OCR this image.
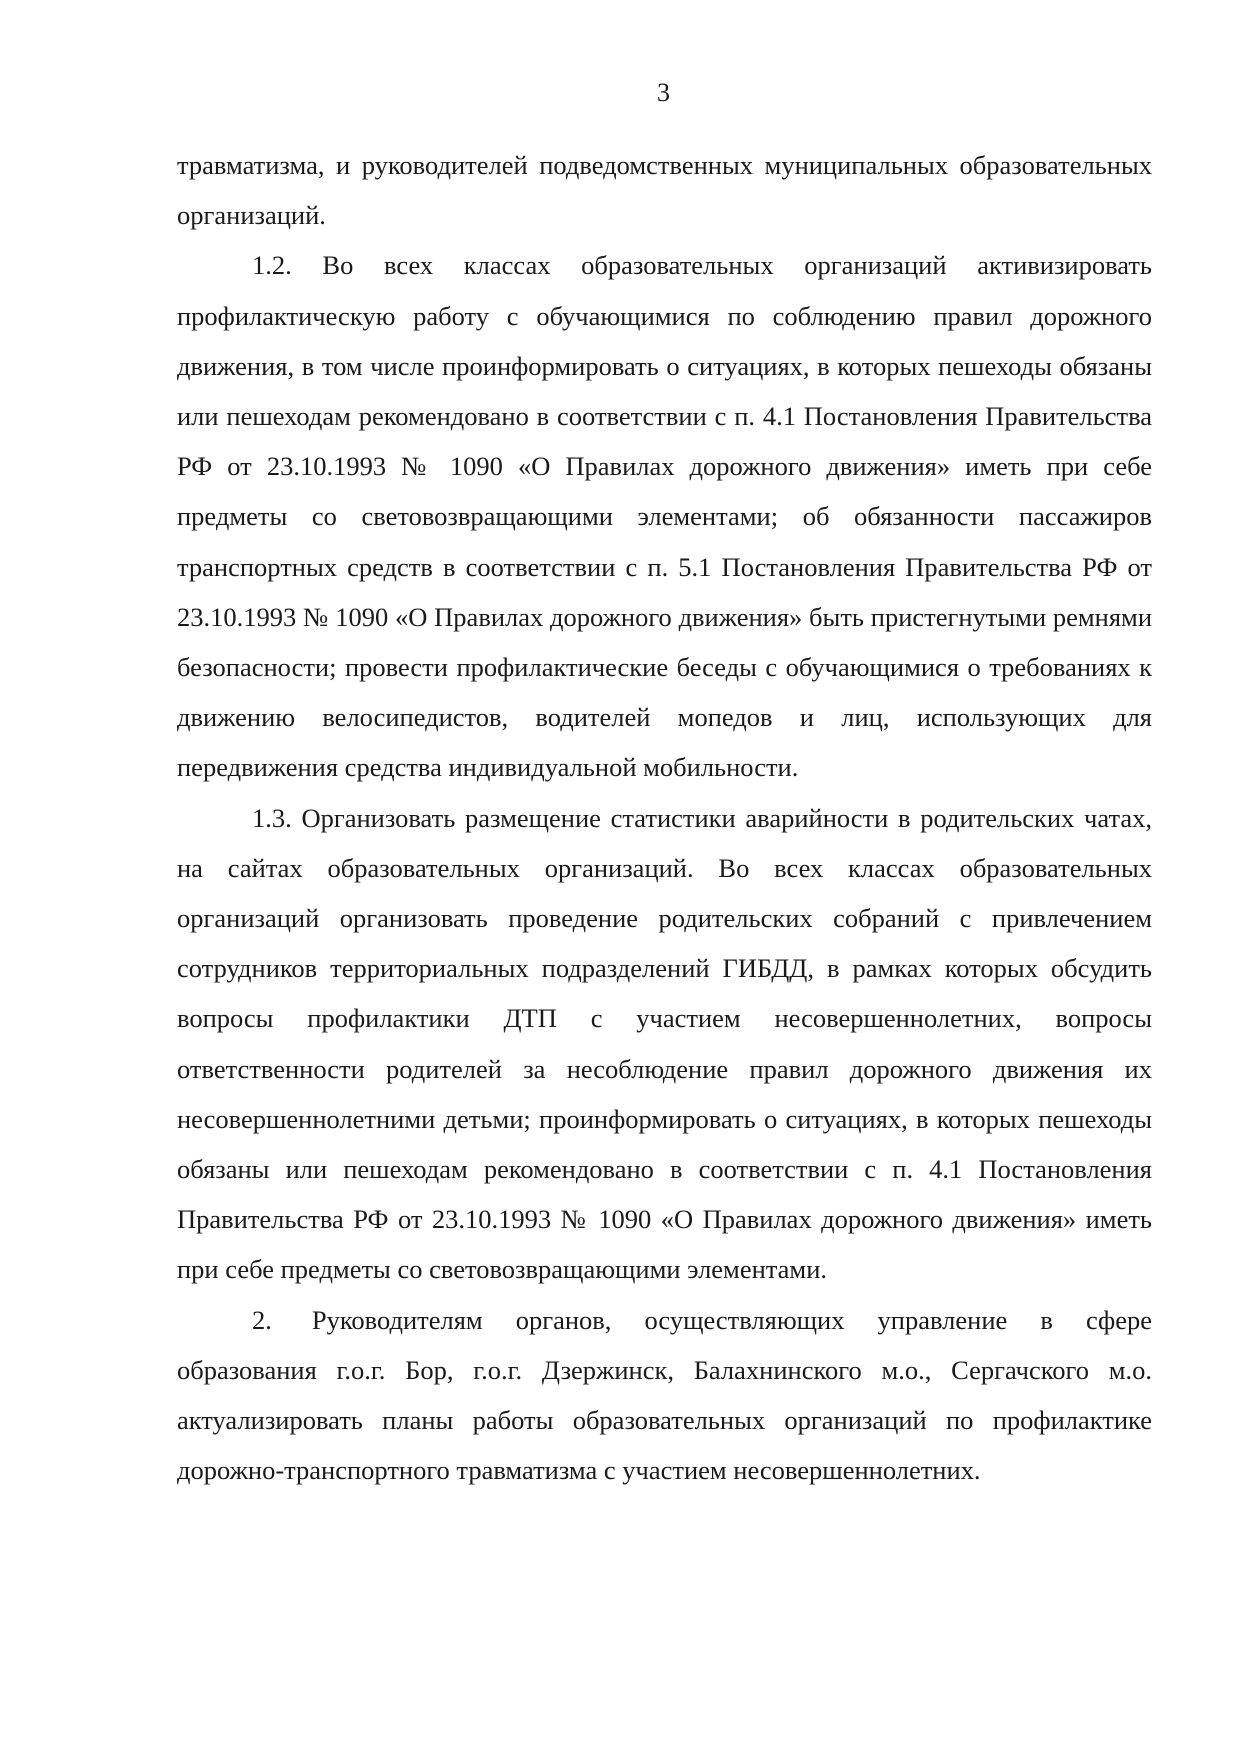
3

травматизма, и руководителей подведомственных муниципальных образовательных организаций.

1.2. Во всех классах образовательных организаций активизировать профилактическую работу с обучающимися по соблюдению правил дорожного движения, в том числе проинформировать о ситуациях, в которых пешеходы обязаны или пешеходам рекомендовано в соответствии с п. 4.1 Постановления Правительства РФ от 23.10.1993 № 1090 «О Правилах дорожного движения» иметь при себе предметы со световозвращающими элементами; об обязанности пассажиров транспортных средств в соответствии с п. 5.1 Постановления Правительства РФ от 23.10.1993 № 1090 «О Правилах дорожного движения» быть пристегнутыми ремнями безопасности; провести профилактические беседы с обучающимися о требованиях к движению велосипедистов, водителей мопедов и лиц, использующих для передвижения средства индивидуальной мобильности.

1.3. Организовать размещение статистики аварийности в родительских чатах, на сайтах образовательных организаций. Во всех классах образовательных организаций организовать проведение родительских собраний с привлечением сотрудников территориальных подразделений ГИБДД, в рамках которых обсудить вопросы профилактики ДТП с участием несовершеннолетних, вопросы ответственности родителей за несоблюдение правил дорожного движения их несовершеннолетними детьми; проинформировать о ситуациях, в которых пешеходы обязаны или пешеходам рекомендовано в соответствии с п. 4.1 Постановления Правительства РФ от 23.10.1993 № 1090 «О Правилах дорожного движения» иметь при себе предметы со световозвращающими элементами.

2. Руководителям органов, осуществляющих управление в сфере образования г.о.г. Бор, г.о.г. Дзержинск, Балахнинского м.о., Сергачского м.о. актуализировать планы работы образовательных организаций по профилактике дорожно-транспортного травматизма с участием несовершеннолетних.
